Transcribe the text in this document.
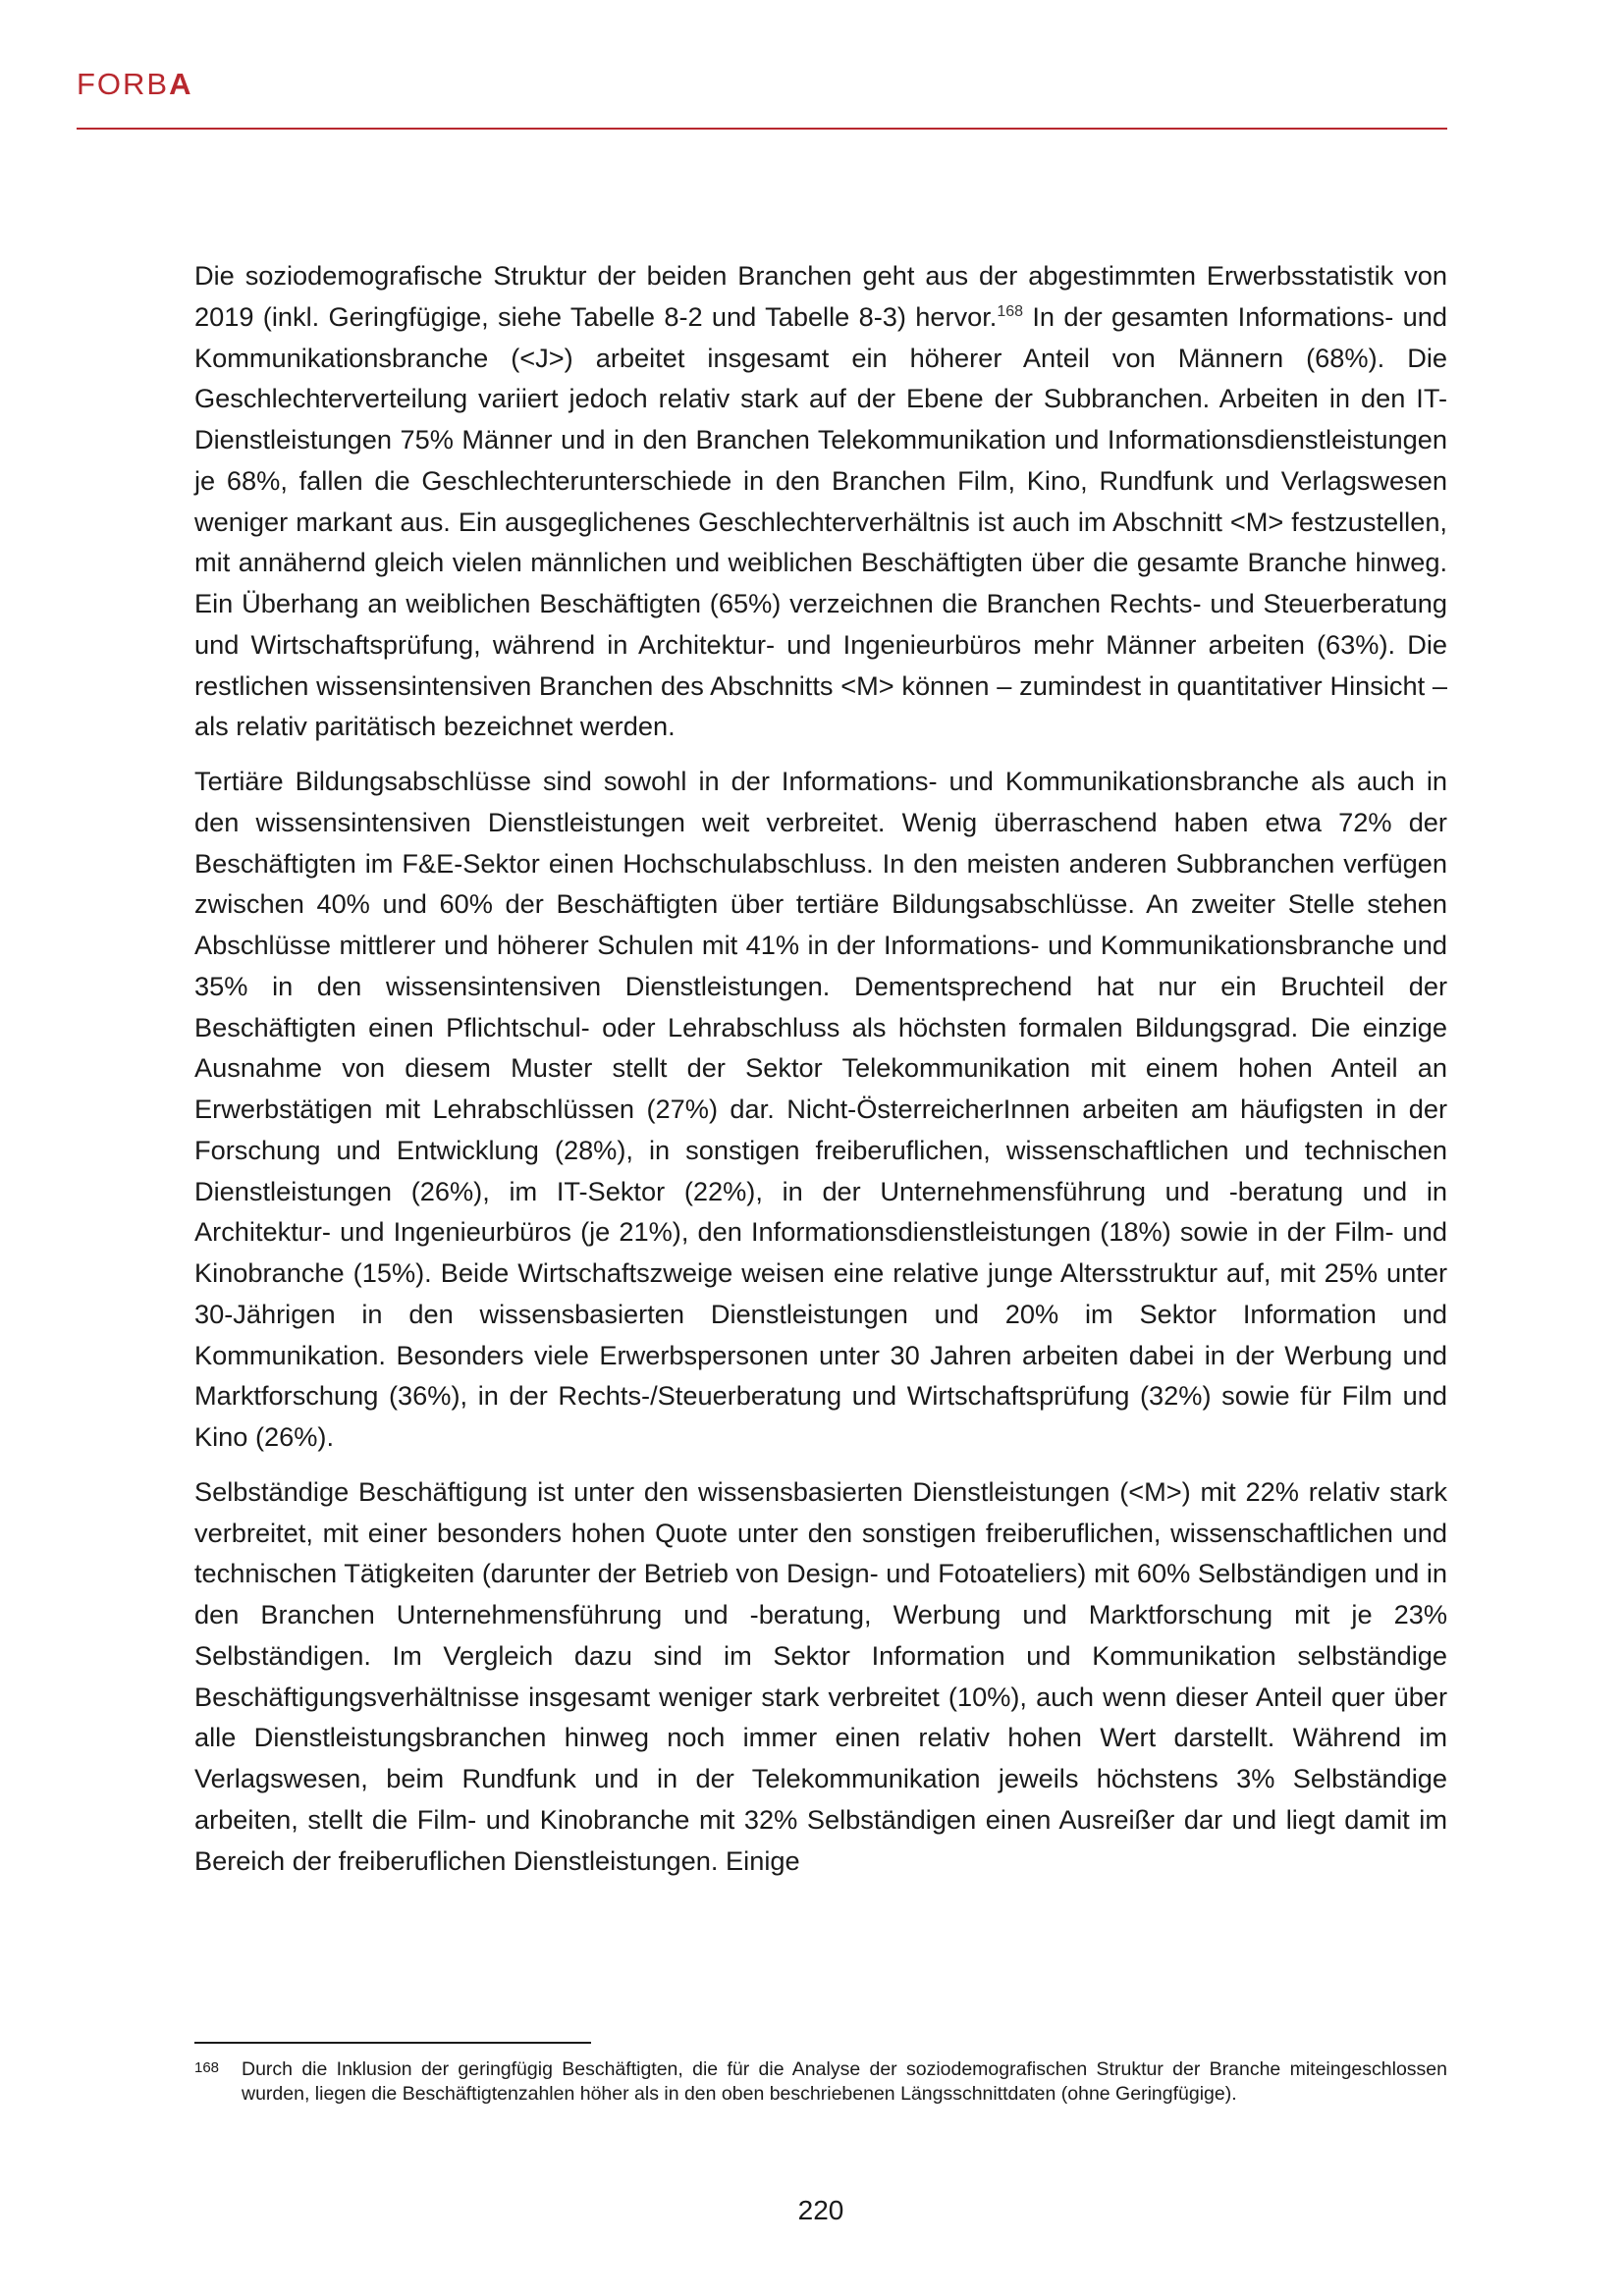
FORBA

Die soziodemografische Struktur der beiden Branchen geht aus der abgestimmten Erwerbsstatistik von 2019 (inkl. Geringfügige, siehe Tabelle 8-2 und Tabelle 8-3) hervor.$^{168}$ In der gesamten Informations- und Kommunikationsbranche (<J>) arbeitet insgesamt ein höherer Anteil von Männern (68%). Die Geschlechterverteilung variiert jedoch relativ stark auf der Ebene der Subbranchen. Arbeiten in den IT-Dienstleistungen 75% Männer und in den Branchen Telekommunikation und Informationsdienstleistungen je 68%, fallen die Geschlechterunterschiede in den Branchen Film, Kino, Rundfunk und Verlagswesen weniger markant aus. Ein ausgeglichenes Geschlechterverhältnis ist auch im Abschnitt <M> festzustellen, mit annähernd gleich vielen männlichen und weiblichen Beschäftigten über die gesamte Branche hinweg. Ein Überhang an weiblichen Beschäftigten (65%) verzeichnen die Branchen Rechts- und Steuerberatung und Wirtschaftsprüfung, während in Architektur- und Ingenieurbüros mehr Männer arbeiten (63%). Die restlichen wissensintensiven Branchen des Abschnitts <M> können – zumindest in quantitativer Hinsicht – als relativ paritätisch bezeichnet werden.

Tertiäre Bildungsabschlüsse sind sowohl in der Informations- und Kommunikationsbranche als auch in den wissensintensiven Dienstleistungen weit verbreitet. Wenig überraschend haben etwa 72% der Beschäftigten im F&E-Sektor einen Hochschulabschluss. In den meisten anderen Subbranchen verfügen zwischen 40% und 60% der Beschäftigten über tertiäre Bildungsabschlüsse. An zweiter Stelle stehen Abschlüsse mittlerer und höherer Schulen mit 41% in der Informations- und Kommunikationsbranche und 35% in den wissensintensiven Dienstleistungen. Dementsprechend hat nur ein Bruchteil der Beschäftigten einen Pflichtschul- oder Lehrabschluss als höchsten formalen Bildungsgrad. Die einzige Ausnahme von diesem Muster stellt der Sektor Telekommunikation mit einem hohen Anteil an Erwerbstätigen mit Lehrabschlüssen (27%) dar. Nicht-ÖsterreicherInnen arbeiten am häufigsten in der Forschung und Entwicklung (28%), in sonstigen freiberuflichen, wissenschaftlichen und technischen Dienstleistungen (26%), im IT-Sektor (22%), in der Unternehmensführung und -beratung und in Architektur- und Ingenieurbüros (je 21%), den Informationsdienstleistungen (18%) sowie in der Film- und Kinobranche (15%). Beide Wirtschaftszweige weisen eine relative junge Altersstruktur auf, mit 25% unter 30-Jährigen in den wissensbasierten Dienstleistungen und 20% im Sektor Information und Kommunikation. Besonders viele Erwerbspersonen unter 30 Jahren arbeiten dabei in der Werbung und Marktforschung (36%), in der Rechts-/Steuerberatung und Wirtschaftsprüfung (32%) sowie für Film und Kino (26%).

Selbständige Beschäftigung ist unter den wissensbasierten Dienstleistungen (<M>) mit 22% relativ stark verbreitet, mit einer besonders hohen Quote unter den sonstigen freiberuflichen, wissenschaftlichen und technischen Tätigkeiten (darunter der Betrieb von Design- und Fotoateliers) mit 60% Selbständigen und in den Branchen Unternehmensführung und -beratung, Werbung und Marktforschung mit je 23% Selbständigen. Im Vergleich dazu sind im Sektor Information und Kommunikation selbständige Beschäftigungsverhältnisse insgesamt weniger stark verbreitet (10%), auch wenn dieser Anteil quer über alle Dienstleistungsbranchen hinweg noch immer einen relativ hohen Wert darstellt. Während im Verlagswesen, beim Rundfunk und in der Telekommunikation jeweils höchstens 3% Selbständige arbeiten, stellt die Film- und Kinobranche mit 32% Selbständigen einen Ausreißer dar und liegt damit im Bereich der freiberuflichen Dienstleistungen. Einige

168	Durch die Inklusion der geringfügig Beschäftigten, die für die Analyse der soziodemografischen Struktur der Branche miteingeschlossen wurden, liegen die Beschäftigtenzahlen höher als in den oben beschriebenen Längsschnittdaten (ohne Geringfügige).

220
